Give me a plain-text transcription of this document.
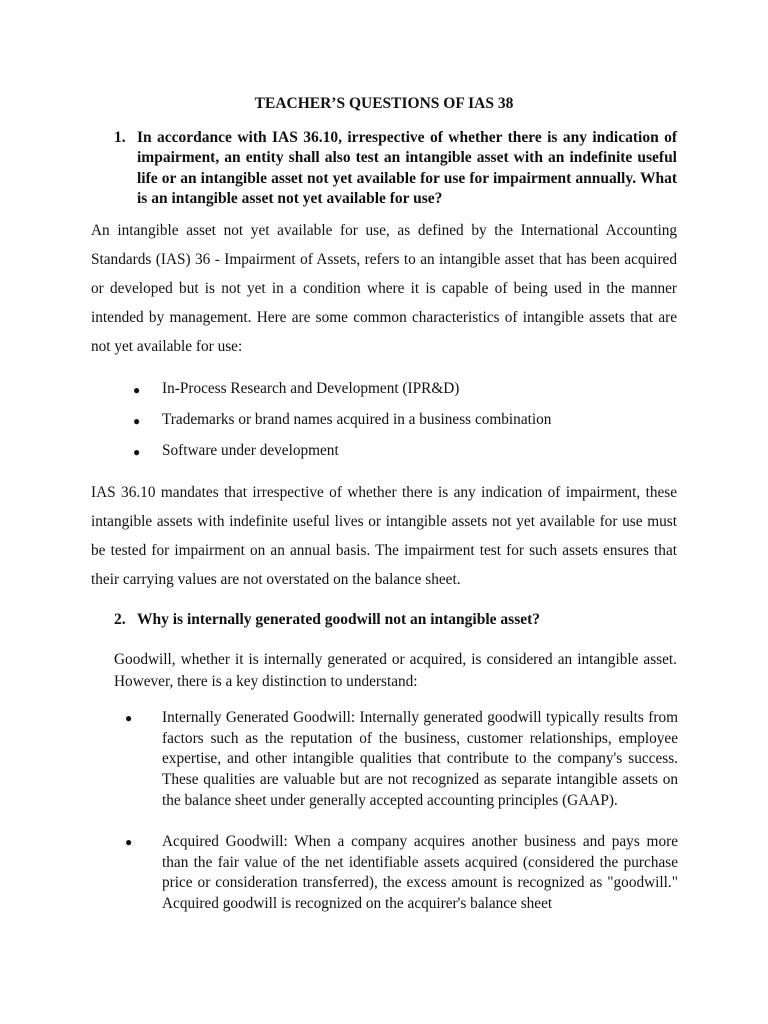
TEACHER’S QUESTIONS OF IAS 38
1. In accordance with IAS 36.10, irrespective of whether there is any indication of impairment, an entity shall also test an intangible asset with an indefinite useful life or an intangible asset not yet available for use for impairment annually. What is an intangible asset not yet available for use?
An intangible asset not yet available for use, as defined by the International Accounting Standards (IAS) 36 - Impairment of Assets, refers to an intangible asset that has been acquired or developed but is not yet in a condition where it is capable of being used in the manner intended by management. Here are some common characteristics of intangible assets that are not yet available for use:
● In-Process Research and Development (IPR&D)
● Trademarks or brand names acquired in a business combination
● Software under development
IAS 36.10 mandates that irrespective of whether there is any indication of impairment, these intangible assets with indefinite useful lives or intangible assets not yet available for use must be tested for impairment on an annual basis. The impairment test for such assets ensures that their carrying values are not overstated on the balance sheet.
2. Why is internally generated goodwill not an intangible asset?
Goodwill, whether it is internally generated or acquired, is considered an intangible asset. However, there is a key distinction to understand:
● Internally Generated Goodwill: Internally generated goodwill typically results from factors such as the reputation of the business, customer relationships, employee expertise, and other intangible qualities that contribute to the company's success. These qualities are valuable but are not recognized as separate intangible assets on the balance sheet under generally accepted accounting principles (GAAP).
● Acquired Goodwill: When a company acquires another business and pays more than the fair value of the net identifiable assets acquired (considered the purchase price or consideration transferred), the excess amount is recognized as "goodwill." Acquired goodwill is recognized on the acquirer's balance sheet
